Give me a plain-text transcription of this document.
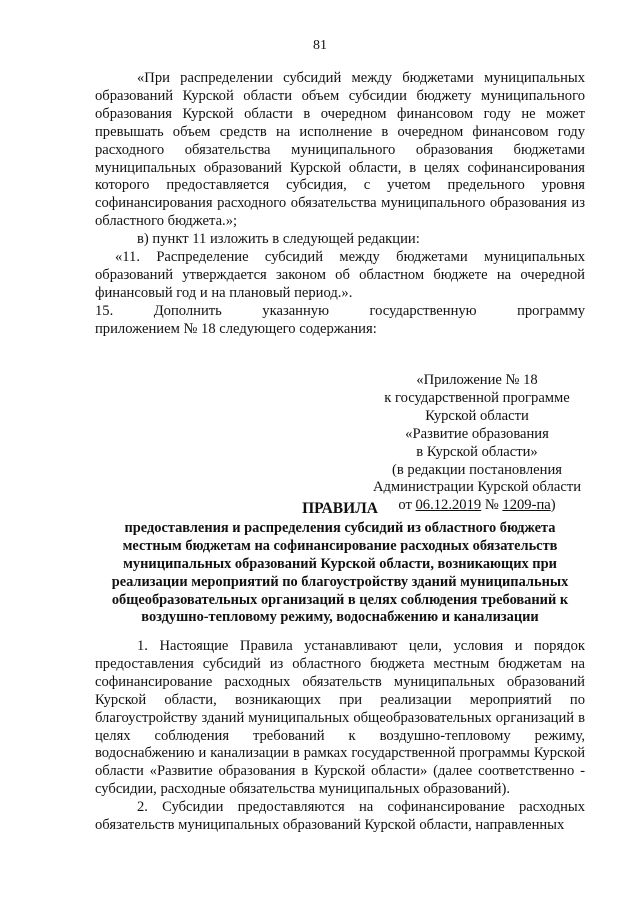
81

«При распределении субсидий между бюджетами муниципальных образований Курской области объем субсидии бюджету муниципального образования Курской области в очередном финансовом году не может превышать объем средств на исполнение в очередном финансовом году расходного обязательства муниципального образования бюджетами муниципальных образований Курской области, в целях софинансирования которого предоставляется субсидия, с учетом предельного уровня софинансирования расходного обязательства муниципального образования из областного бюджета.»;

в) пункт 11 изложить в следующей редакции:

«11. Распределение субсидий между бюджетами муниципальных образований утверждается законом об областном бюджете на очередной финансовый год и на плановый период.».

15.	Дополнить	указанную	государственную	программу

приложением № 18 следующего содержания:

«Приложение № 18
к государственной программе
Курской области
«Развитие образования
в Курской области»
(в редакции постановления
Администрации Курской области
от 06.12.2019 № 1209-па)
ПРАВИЛА
предоставления и распределения субсидий из областного бюджета местным бюджетам на софинансирование расходных обязательств муниципальных образований Курской области, возникающих при реализации мероприятий по благоустройству зданий муниципальных общеобразовательных организаций в целях соблюдения требований к воздушно-тепловому режиму, водоснабжению и канализации

1. Настоящие Правила устанавливают цели, условия и порядок предоставления субсидий из областного бюджета местным бюджетам на софинансирование расходных обязательств муниципальных образований Курской области, возникающих при реализации мероприятий по благоустройству зданий муниципальных общеобразовательных организаций в целях соблюдения требований к воздушно-тепловому режиму, водоснабжению и канализации в рамках государственной программы Курской области «Развитие образования в Курской области» (далее соответственно - субсидии, расходные обязательства муниципальных образований).

2. Субсидии предоставляются на софинансирование расходных обязательств муниципальных образований Курской области, направленных
